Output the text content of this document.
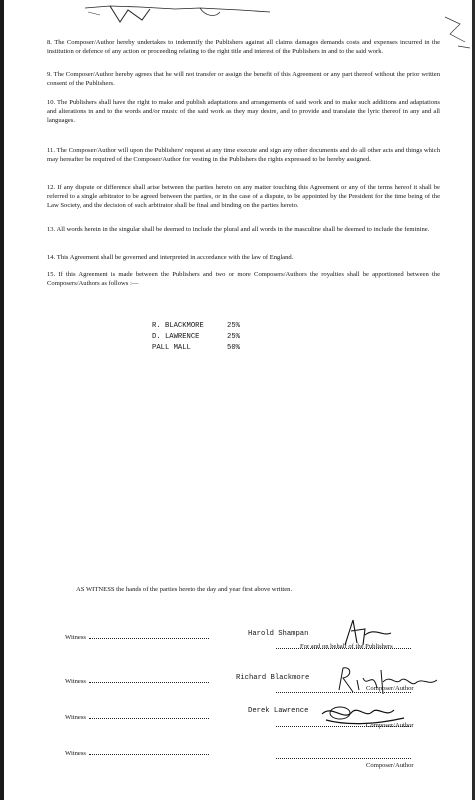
8. The Composer/Author hereby undertakes to indemnify the Publishers against all claims damages demands costs and expenses incurred in the institution or defence of any action or proceeding relating to the right title and interest of the Publishers in and to the said work.

9. The Composer/Author hereby agrees that he will not transfer or assign the benefit of this Agreement or any part thereof without the prior written consent of the Publishers.

10. The Publishers shall have the right to make and publish adaptations and arrangements of said work and to make such additions and adaptations and alterations in and to the words and/or music of the said work as they may desire, and to provide and translate the lyric thereof in any and all languages.

11. The Composer/Author will upon the Publishers' request at any time execute and sign any other documents and do all other acts and things which may hereafter be required of the Composer/Author for vesting in the Publishers the rights expressed to be hereby assigned.

12. If any dispute or difference shall arise between the parties hereto on any matter touching this Agreement or any of the terms hereof it shall be referred to a single arbitrator to be agreed between the parties, or in the case of a dispute, to be appointed by the President for the time being of the Law Society, and the decision of such arbitrator shall be final and binding on the parties hereto.

13. All words herein in the singular shall be deemed to include the plural and all words in the masculine shall be deemed to include the feminine.

14. This Agreement shall be governed and interpreted in accordance with the law of England.

15. If this Agreement is made between the Publishers and two or more Composers/Authors the royalties shall be apportioned between the Composers/Authors as follows :—

R. BLACKMORE	25%
D. LAWRENCE	25%
PALL MALL	50%
AS WITNESS the hands of the parties hereto the day and year first above written.
Witness	Harold Shampan
For and on behalf of the Publishers
Witness	Richard Blackmore
Composer/Author
Witness
Derek Lawrence
Composer/Author
Witness
Composer/Author
